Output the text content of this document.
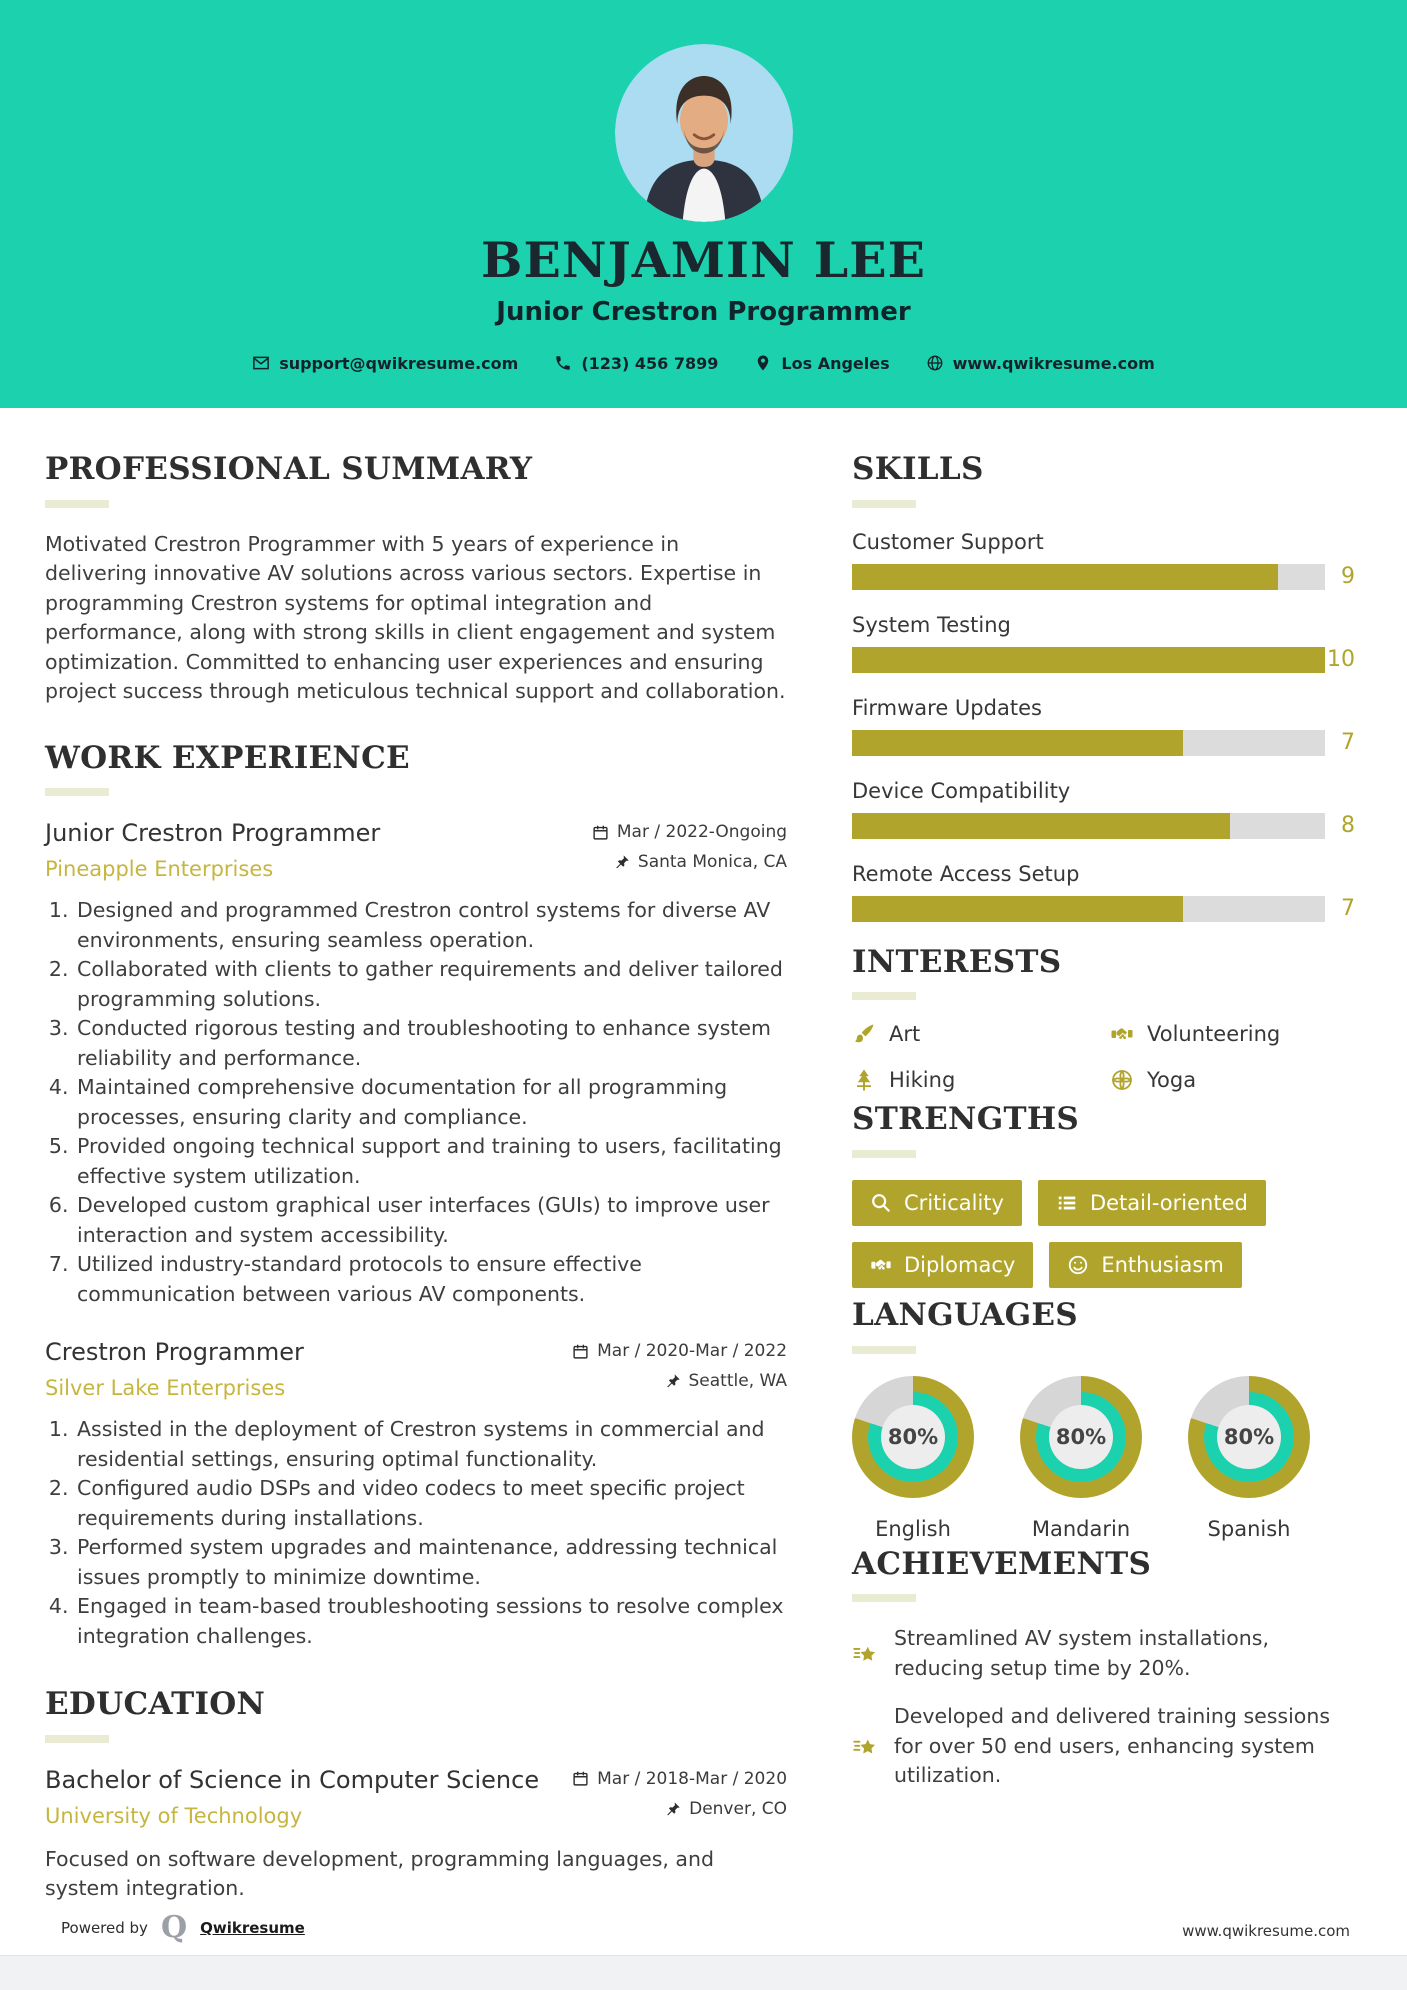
BENJAMIN LEE
Junior Crestron Programmer
support@qwikresume.com	(123) 456 7899	Los Angeles	www.qwikresume.com
PROFESSIONAL SUMMARY

Motivated Crestron Programmer with 5 years of experience in delivering innovative AV solutions across various sectors. Expertise in programming Crestron systems for optimal integration and performance, along with strong skills in client engagement and system optimization. Committed to enhancing user experiences and ensuring project success through meticulous technical support and collaboration.

WORK EXPERIENCE
Junior Crestron Programmer
Pineapple Enterprises
Mar / 2022-Ongoing
Santa Monica, CA
1. Designed and programmed Crestron control systems for diverse AV environments, ensuring seamless operation.
2. Collaborated with clients to gather requirements and deliver tailored programming solutions.
3. Conducted rigorous testing and troubleshooting to enhance system reliability and performance.
4. Maintained comprehensive documentation for all programming processes, ensuring clarity and compliance.
5. Provided ongoing technical support and training to users, facilitating effective system utilization.
6. Developed custom graphical user interfaces (GUIs) to improve user interaction and system accessibility.
7. Utilized industry-standard protocols to ensure effective communication between various AV components.
Crestron Programmer
Silver Lake Enterprises
Mar / 2020-Mar / 2022
Seattle, WA
1. Assisted in the deployment of Crestron systems in commercial and residential settings, ensuring optimal functionality.
2. Configured audio DSPs and video codecs to meet specific project requirements during installations.
3. Performed system upgrades and maintenance, addressing technical issues promptly to minimize downtime.
4. Engaged in team-based troubleshooting sessions to resolve complex integration challenges.
EDUCATION
Bachelor of Science in Computer Science
University of Technology
Mar / 2018-Mar / 2020
Denver, CO
Focused on software development, programming languages, and system integration.
SKILLS
Customer Support
9
System Testing
10
Firmware Updates
7
Device Compatibility
8
Remote Access Setup
7
INTERESTS
Art	Volunteering
Hiking	Yoga
STRENGTHS
Criticality	Detail-oriented
Diplomacy	Enthusiasm
LANGUAGES
80%
English
80%
Mandarin
80%
Spanish
ACHIEVEMENTS
Streamlined AV system installations, reducing setup time by 20%.
Developed and delivered training sessions for over 50 end users, enhancing system utilization.
Powered by Q Qwikresume	www.qwikresume.com
